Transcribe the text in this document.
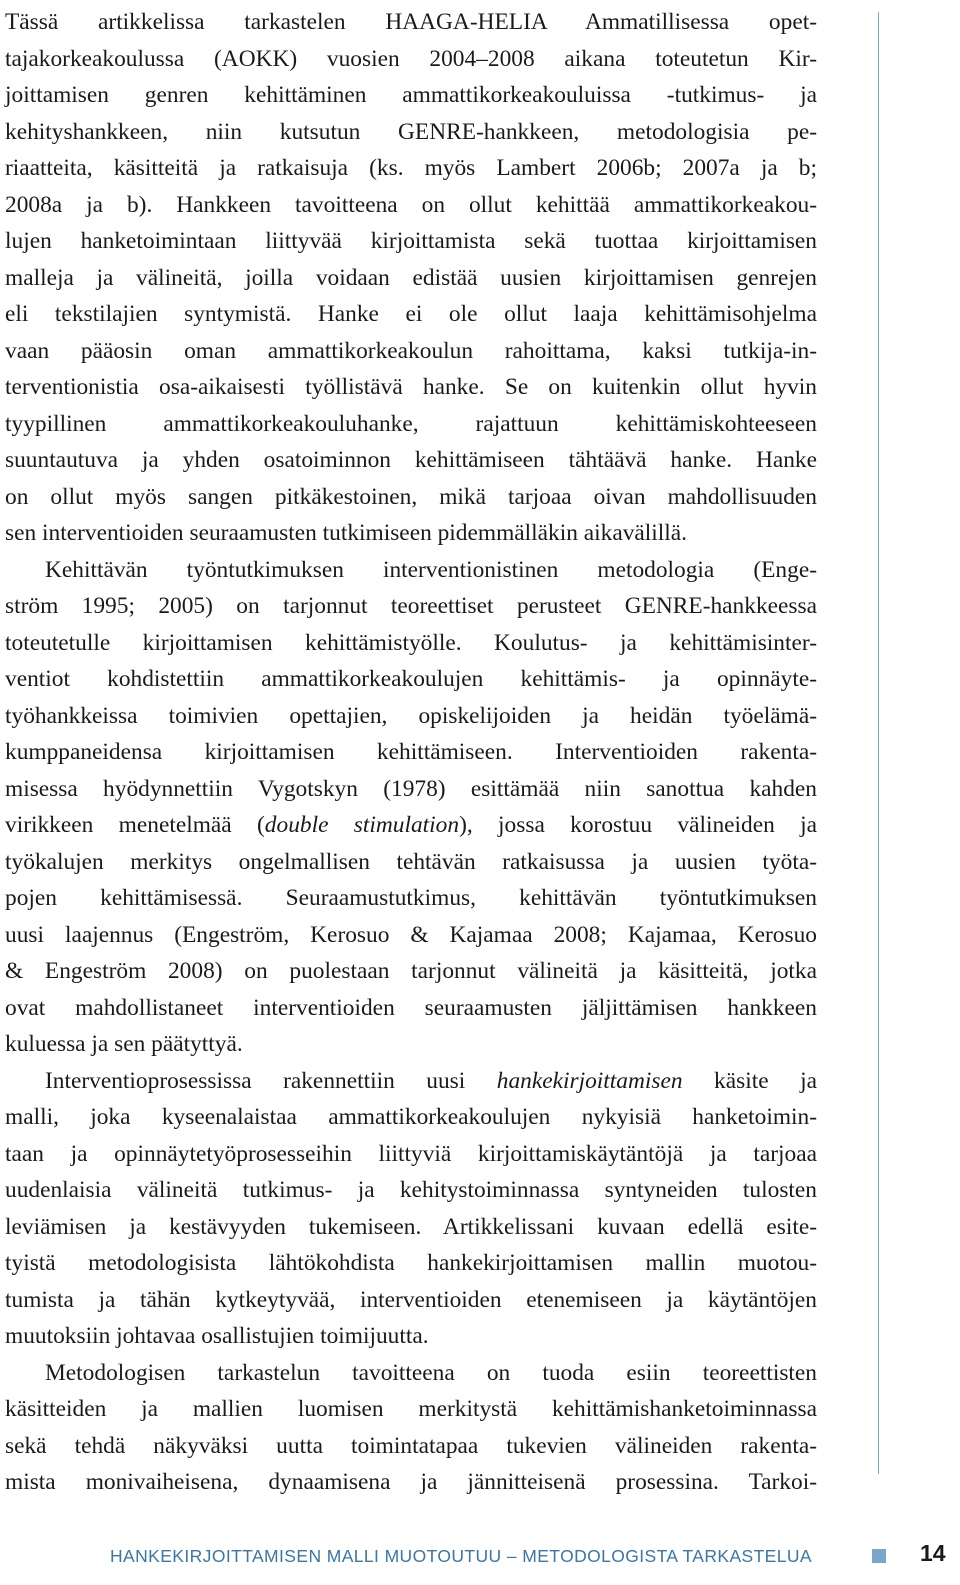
Tässä artikkelissa tarkastelen HAAGA-HELIA Ammatillisessa opet-
tajakorkeakoulussa (AOKK) vuosien 2004–2008 aikana toteutetun Kir-
joittamisen genren kehittäminen ammattikorkeakouluissa -tutkimus- ja
kehityshankkeen, niin kutsutun GENRE-hankkeen, metodologisia pe-
riaatteita, käsitteitä ja ratkaisuja (ks. myös Lambert 2006b; 2007a ja b;
2008a ja b). Hankkeen tavoitteena on ollut kehittää ammattikorkeakou-
lujen hanketoimintaan liittyvää kirjoittamista sekä tuottaa kirjoittamisen
malleja ja välineitä, joilla voidaan edistää uusien kirjoittamisen genrejen
eli tekstilajien syntymistä. Hanke ei ole ollut laaja kehittämisohjelma
vaan pääosin oman ammattikorkeakoulun rahoittama, kaksi tutkija-in-
terventionistia osa-aikaisesti työllistävä hanke. Se on kuitenkin ollut hyvin
tyypillinen ammattikorkeakouluhanke, rajattuun kehittämiskohteeseen
suuntautuva ja yhden osatoiminnon kehittämiseen tähtäävä hanke. Hanke
on ollut myös sangen pitkäkestoinen, mikä tarjoaa oivan mahdollisuuden
sen interventioiden seuraamusten tutkimiseen pidemmälläkin aikavälillä.
Kehittävän työntutkimuksen interventionistinen metodologia (Enge-
ström 1995; 2005) on tarjonnut teoreettiset perusteet GENRE-hankkeessa
toteutetulle kirjoittamisen kehittämistyölle. Koulutus- ja kehittämisinter-
ventiot kohdistettiin ammattikorkeakoulujen kehittämis- ja opinnäyte-
työhankkeissa toimivien opettajien, opiskelijoiden ja heidän työelämä-
kumppaneidensa kirjoittamisen kehittämiseen. Interventioiden rakenta-
misessa hyödynnettiin Vygotskyn (1978) esittämää niin sanottua kahden
virikkeen menetelmää (double stimulation), jossa korostuu välineiden ja
työkalujen merkitys ongelmallisen tehtävän ratkaisussa ja uusien työta-
pojen kehittämisessä. Seuraamustutkimus, kehittävän työntutkimuksen
uusi laajennus (Engeström, Kerosuo & Kajamaa 2008; Kajamaa, Kerosuo
& Engeström 2008) on puolestaan tarjonnut välineitä ja käsitteitä, jotka
ovat mahdollistaneet interventioiden seuraamusten jäljittämisen hankkeen
kuluessa ja sen päätyttyä.
Interventioprosessissa rakennettiin uusi hankekirjoittamisen käsite ja
malli, joka kyseenalaistaa ammattikorkeakoulujen nykyisiä hanketoimin-
taan ja opinnäytetyöprosesseihin liittyviä kirjoittamiskäytäntöjä ja tarjoaa
uudenlaisia välineitä tutkimus- ja kehitystoiminnassa syntyneiden tulosten
leviämisen ja kestävyyden tukemiseen. Artikkelissani kuvaan edellä esite-
tyistä metodologisista lähtökohdista hankekirjoittamisen mallin muotou-
tumista ja tähän kytkeytyvää, interventioiden etenemiseen ja käytäntöjen
muutoksiin johtavaa osallistujien toimijuutta.
Metodologisen tarkastelun tavoitteena on tuoda esiin teoreettisten
käsitteiden ja mallien luomisen merkitystä kehittämishanketoiminnassa
sekä tehdä näkyväksi uutta toimintatapaa tukevien välineiden rakenta-
mista monivaiheisena, dynaamisena ja jännitteisenä prosessina. Tarkoi-
HANKEKIRJOITTAMISEN MALLI MUOTOUTUU – METODOLOGISTA TARKASTELUA	14
